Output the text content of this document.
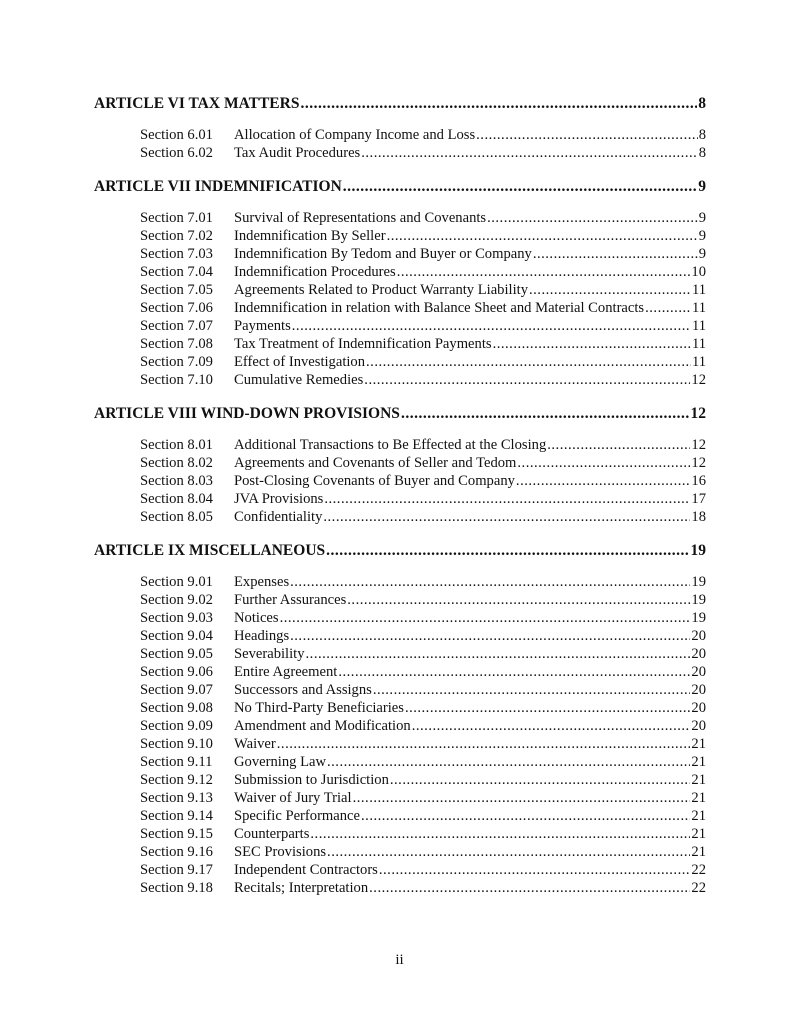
ARTICLE VI TAX MATTERS .....	8
Section 6.01	Allocation of Company Income and Loss .....	8
Section 6.02	Tax Audit Procedures .....	8
ARTICLE VII INDEMNIFICATION .....	9
Section 7.01	Survival of Representations and Covenants .....	9
Section 7.02	Indemnification By Seller .....	9
Section 7.03	Indemnification By Tedom and Buyer or Company .....	9
Section 7.04	Indemnification Procedures .....	10
Section 7.05	Agreements Related to Product Warranty Liability .....	11
Section 7.06	Indemnification in relation with Balance Sheet and Material Contracts .....	11
Section 7.07	Payments .....	11
Section 7.08	Tax Treatment of Indemnification Payments .....	11
Section 7.09	Effect of Investigation .....	11
Section 7.10	Cumulative Remedies .....	12
ARTICLE VIII WIND-DOWN PROVISIONS .....	12
Section 8.01	Additional Transactions to Be Effected at the Closing .....	12
Section 8.02	Agreements and Covenants of Seller and Tedom .....	12
Section 8.03	Post-Closing Covenants of Buyer and Company .....	16
Section 8.04	JVA Provisions .....	17
Section 8.05	Confidentiality .....	18
ARTICLE IX MISCELLANEOUS .....	19
Section 9.01	Expenses .....	19
Section 9.02	Further Assurances .....	19
Section 9.03	Notices .....	19
Section 9.04	Headings .....	20
Section 9.05	Severability .....	20
Section 9.06	Entire Agreement .....	20
Section 9.07	Successors and Assigns .....	20
Section 9.08	No Third-Party Beneficiaries .....	20
Section 9.09	Amendment and Modification .....	20
Section 9.10	Waiver .....	21
Section 9.11	Governing Law .....	21
Section 9.12	Submission to Jurisdiction .....	21
Section 9.13	Waiver of Jury Trial .....	21
Section 9.14	Specific Performance .....	21
Section 9.15	Counterparts .....	21
Section 9.16	SEC Provisions .....	21
Section 9.17	Independent Contractors .....	22
Section 9.18	Recitals; Interpretation .....	22
ii
